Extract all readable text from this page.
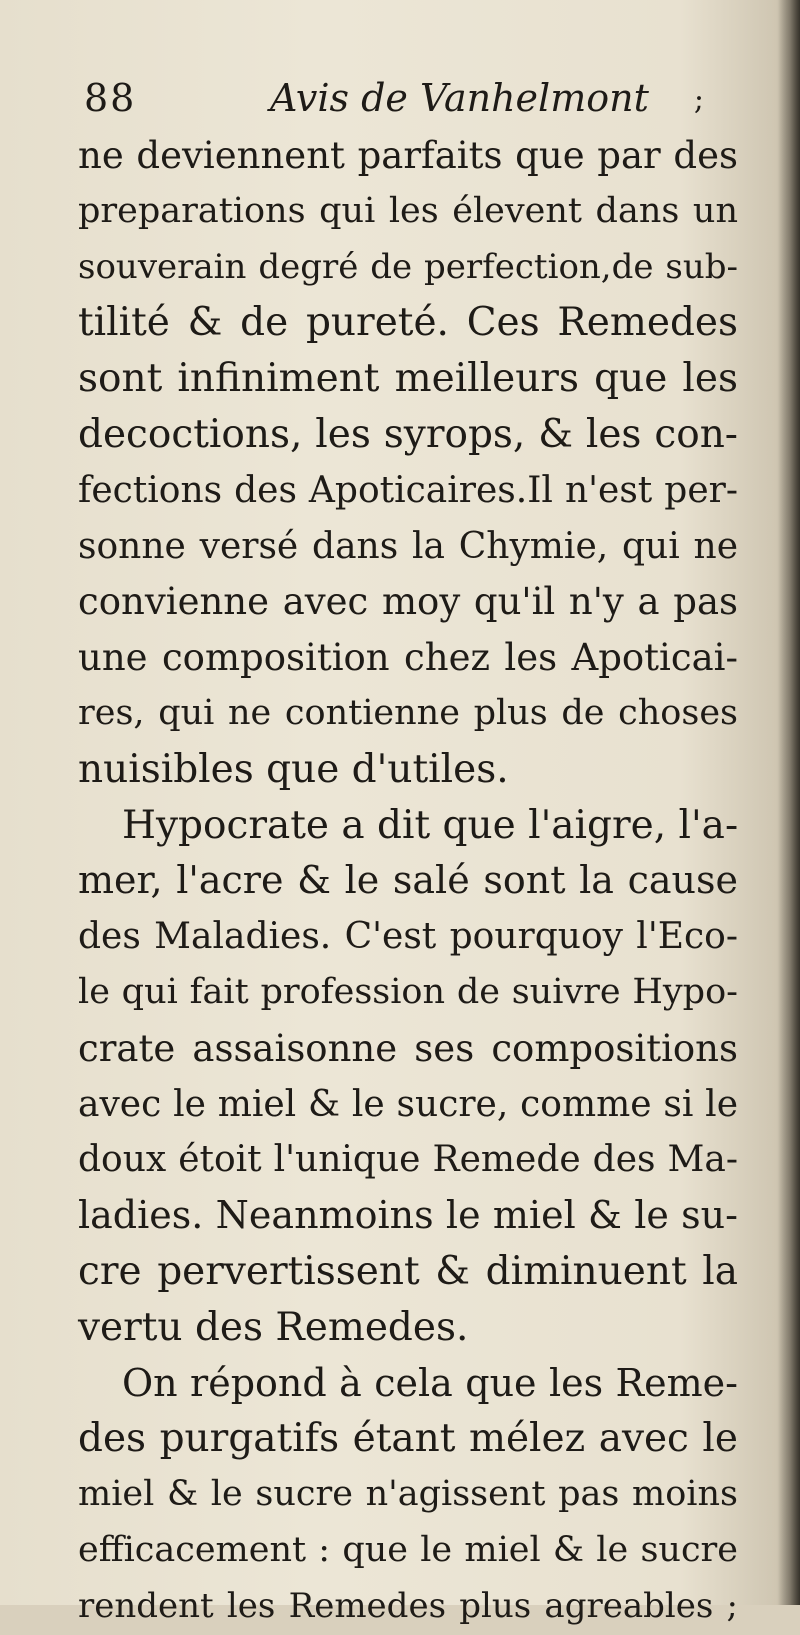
88	Avis de Vanhelmont ;
ne deviennent parfaits que par des
preparations qui les élevent dans un
souverain degré de perfection,de sub-
tilité & de pureté. Ces Remedes
sont infiniment meilleurs que les
decoctions, les syrops, & les con-
fections des Apoticaires.Il n'est per-
sonne versé dans la Chymie, qui ne
convienne avec moy qu'il n'y a pas
une composition chez les Apoticai-
res, qui ne contienne plus de choses
nuisibles que d'utiles.
Hypocrate a dit que l'aigre, l'a-
mer, l'acre & le salé sont la cause
des Maladies. C'est pourquoy l'Eco-
le qui fait profession de suivre Hypo-
crate assaisonne ses compositions
avec le miel & le sucre, comme si le
doux étoit l'unique Remede des Ma-
ladies. Neanmoins le miel & le su-
cre pervertissent & diminuent la
vertu des Remedes.
On répond à cela que les Reme-
des purgatifs étant mélez avec le
miel & le sucre n'agissent pas moins
efficacement : que le miel & le sucre
rendent les Remedes plus agreables ;
